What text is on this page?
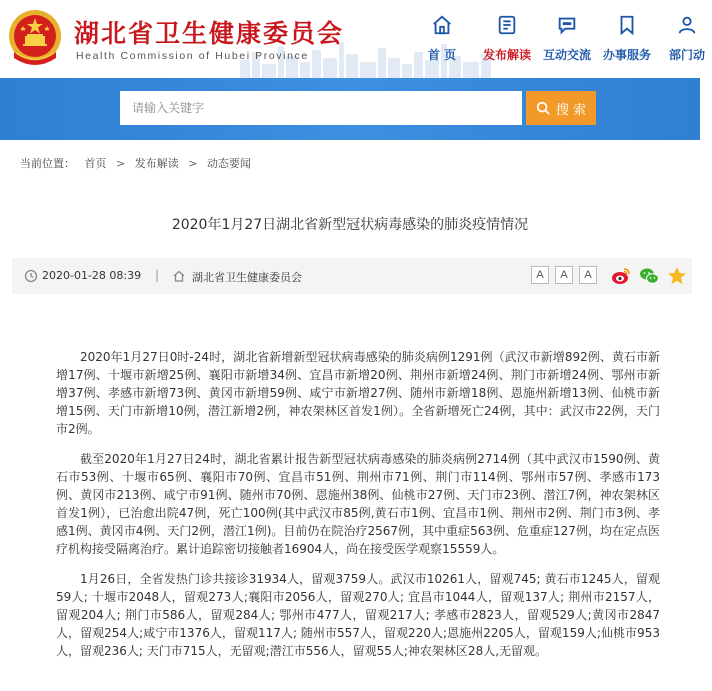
湖北省卫生健康委员会
Health Commission of Hubei Province	首 页	发布解读 互动交流 办事服务	部门动
请输入关键字
搜 索
当前位置： 首页 > 发布解读 > 动态要闻
2020年1月27日湖北省新型冠状病毒感染的肺炎疫情情况
2020-01-28 08:39 |	湖北省卫生健康委员会	A	A	A

2020年1月27日0时-24时，湖北省新增新型冠状病毒感染的肺炎病例1291例（武汉市新增892例、黄石市新增17例、十堰市新增25例、襄阳市新增34例、宜昌市新增20例、荆州市新增24例、荆门市新增24例、鄂州市新增37例、孝感市新增73例、黄冈市新增59例、咸宁市新增27例、随州市新增18例、恩施州新增13例、仙桃市新增15例、天门市新增10例，潜江新增2例，神农架林区首发1例）。全省新增死亡24例，其中：武汉市22例，天门市2例。

截至2020年1月27日24时，湖北省累计报告新型冠状病毒感染的肺炎病例2714例（其中武汉市1590例、黄石市53例、十堰市65例、襄阳市70例、宜昌市51例、荆州市71例、荆门市114例、鄂州市57例、孝感市173例、黄冈市213例、咸宁市91例、随州市70例、恩施州38例、仙桃市27例、天门市23例、潜江7例，神农架林区首发1例），已治愈出院47例，死亡100例(其中武汉市85例,黄石市1例、宜昌市1例、荆州市2例、荆门市3例、孝感1例、黄冈市4例、天门2例，潜江1例)。目前仍在院治疗2567例，其中重症563例、危重症127例，均在定点医疗机构接受隔离治疗。累计追踪密切接触者16904人，尚在接受医学观察15559人。

1月26日，全省发热门诊共接诊31934人，留观3759人。武汉市10261人，留观745; 黄石市1245人，留观59人; 十堰市2048人，留观273人;襄阳市2056人，留观270人; 宜昌市1044人，留观137人; 荆州市2157人，留观204人; 荆门市586人，留观284人; 鄂州市477人，留观217人; 孝感市2823人，留观529人;黄冈市2847人，留观254人;咸宁市1376人，留观117人; 随州市557人，留观220人;恩施州2205人，留观159人;仙桃市953人，留观236人; 天门市715人，无留观;潜江市556人，留观55人;神农架林区28人,无留观。
